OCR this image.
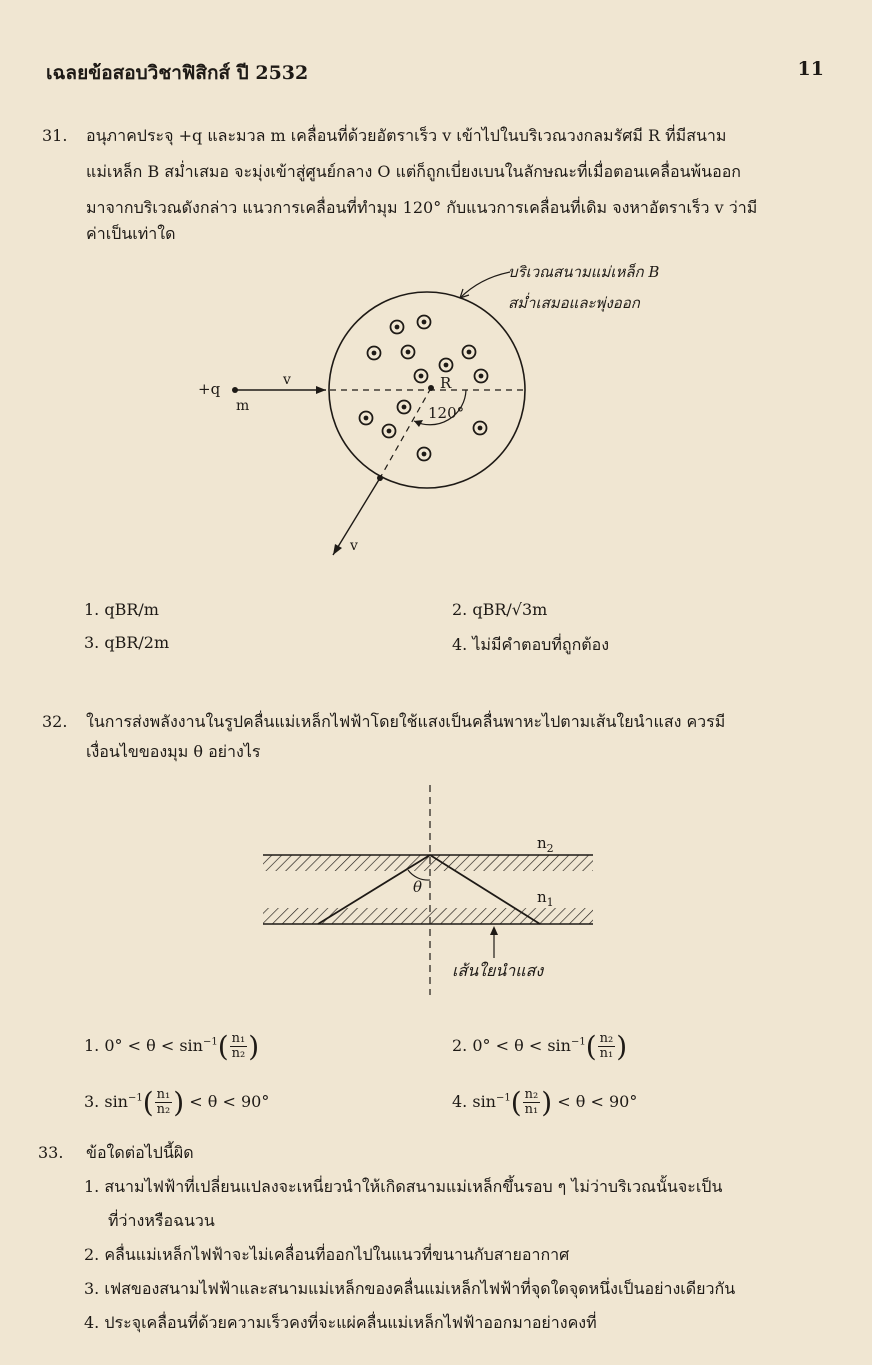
เฉลยข้อสอบวิชาฟิสิกส์ ปี 2532	11
31. อนุภาคประจุ +q และมวล m เคลื่อนที่ด้วยอัตราเร็ว v เข้าไปในบริเวณวงกลมรัศมี R ที่มีสนาม
แม่เหล็ก B สม่ำเสมอ จะมุ่งเข้าสู่ศูนย์กลาง O แต่ก็ถูกเบี่ยงเบนในลักษณะที่เมื่อตอนเคลื่อนพ้นออก
มาจากบริเวณดังกล่าว แนวการเคลื่อนที่ทำมุม 120° กับแนวการเคลื่อนที่เดิม จงหาอัตราเร็ว v ว่ามี
ค่าเป็นเท่าใด
บริเวณสนามแม่เหล็ก B
สม่ำเสมอและพุ่งออก
+q
m
v	R
120°
v
1. qBR/m	2. qBR/√3m
3. qBR/2m	4. ไม่มีคำตอบที่ถูกต้อง
32. ในการส่งพลังงานในรูปคลื่นแม่เหล็กไฟฟ้าโดยใช้แสงเป็นคลื่นพาหะไปตามเส้นใยนำแสง ควรมี
เงื่อนไขของมุม θ อย่างไร
θ
$n_2$
$n_1$
เส้นใยนำแสง
1. $0^\circ < \theta < \sin^{-1}( \frac{\text{n₁}}{\text{n₂}}$ )	2. $0^\circ < \theta < \sin^{-1}( \frac{\text{n₂}}{\text{n₁}}$ )
3. $\sin^{-1}( \frac{\text{n₁}}{\text{n₂}}$ ) < θ < 90°	4. $\sin^{-1}( \frac{\text{n₂}}{\text{n₁}}$ ) < θ < 90°
33. ข้อใดต่อไปนี้ผิด
1. สนามไฟฟ้าที่เปลี่ยนแปลงจะเหนี่ยวนำให้เกิดสนามแม่เหล็กขึ้นรอบ ๆ ไม่ว่าบริเวณนั้นจะเป็น
ที่ว่างหรือฉนวน
2. คลื่นแม่เหล็กไฟฟ้าจะไม่เคลื่อนที่ออกไปในแนวที่ขนานกับสายอากาศ
3. เฟสของสนามไฟฟ้าและสนามแม่เหล็กของคลื่นแม่เหล็กไฟฟ้าที่จุดใดจุดหนึ่งเป็นอย่างเดียวกัน
4. ประจุเคลื่อนที่ด้วยความเร็วคงที่จะแผ่คลื่นแม่เหล็กไฟฟ้าออกมาอย่างคงที่
